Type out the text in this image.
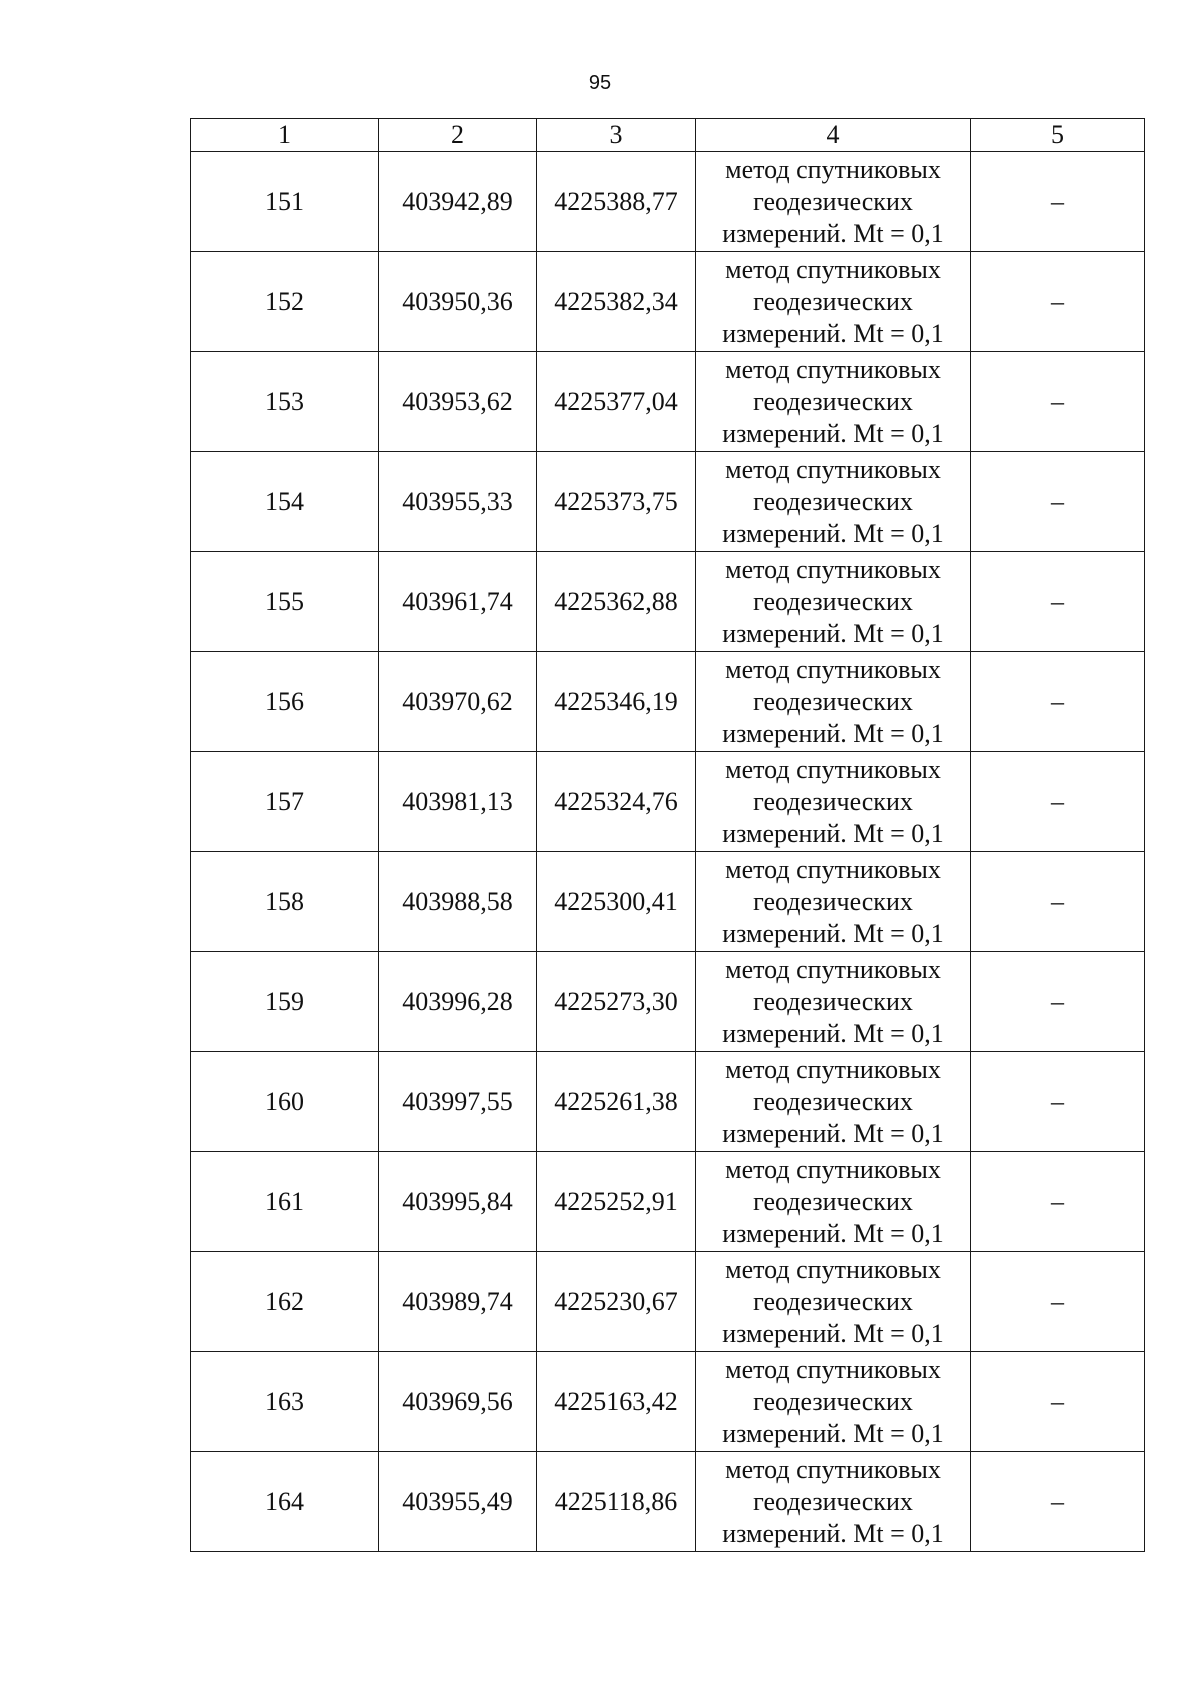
95
1	2	3	4	5
151	403942,89	4225388,77	метод спутниковых
геодезических
измерений. Mt = 0,1	–
152	403950,36	4225382,34	метод спутниковых
геодезических
измерений. Mt = 0,1	–
153	403953,62	4225377,04	метод спутниковых
геодезических
измерений. Mt = 0,1	–
154	403955,33	4225373,75	метод спутниковых
геодезических
измерений. Mt = 0,1	–
155	403961,74	4225362,88	метод спутниковых
геодезических
измерений. Mt = 0,1	–
156	403970,62	4225346,19	метод спутниковых
геодезических
измерений. Mt = 0,1	–
157	403981,13	4225324,76	метод спутниковых
геодезических
измерений. Mt = 0,1	–
158	403988,58	4225300,41	метод спутниковых
геодезических
измерений. Mt = 0,1	–
159	403996,28	4225273,30	метод спутниковых
геодезических
измерений. Mt = 0,1	–
160	403997,55	4225261,38	метод спутниковых
геодезических
измерений. Mt = 0,1	–
161	403995,84	4225252,91	метод спутниковых
геодезических
измерений. Mt = 0,1	–
162	403989,74	4225230,67	метод спутниковых
геодезических
измерений. Mt = 0,1	–
163	403969,56	4225163,42	метод спутниковых
геодезических
измерений. Mt = 0,1	–
164	403955,49	4225118,86	метод спутниковых
геодезических
измерений. Mt = 0,1	–
